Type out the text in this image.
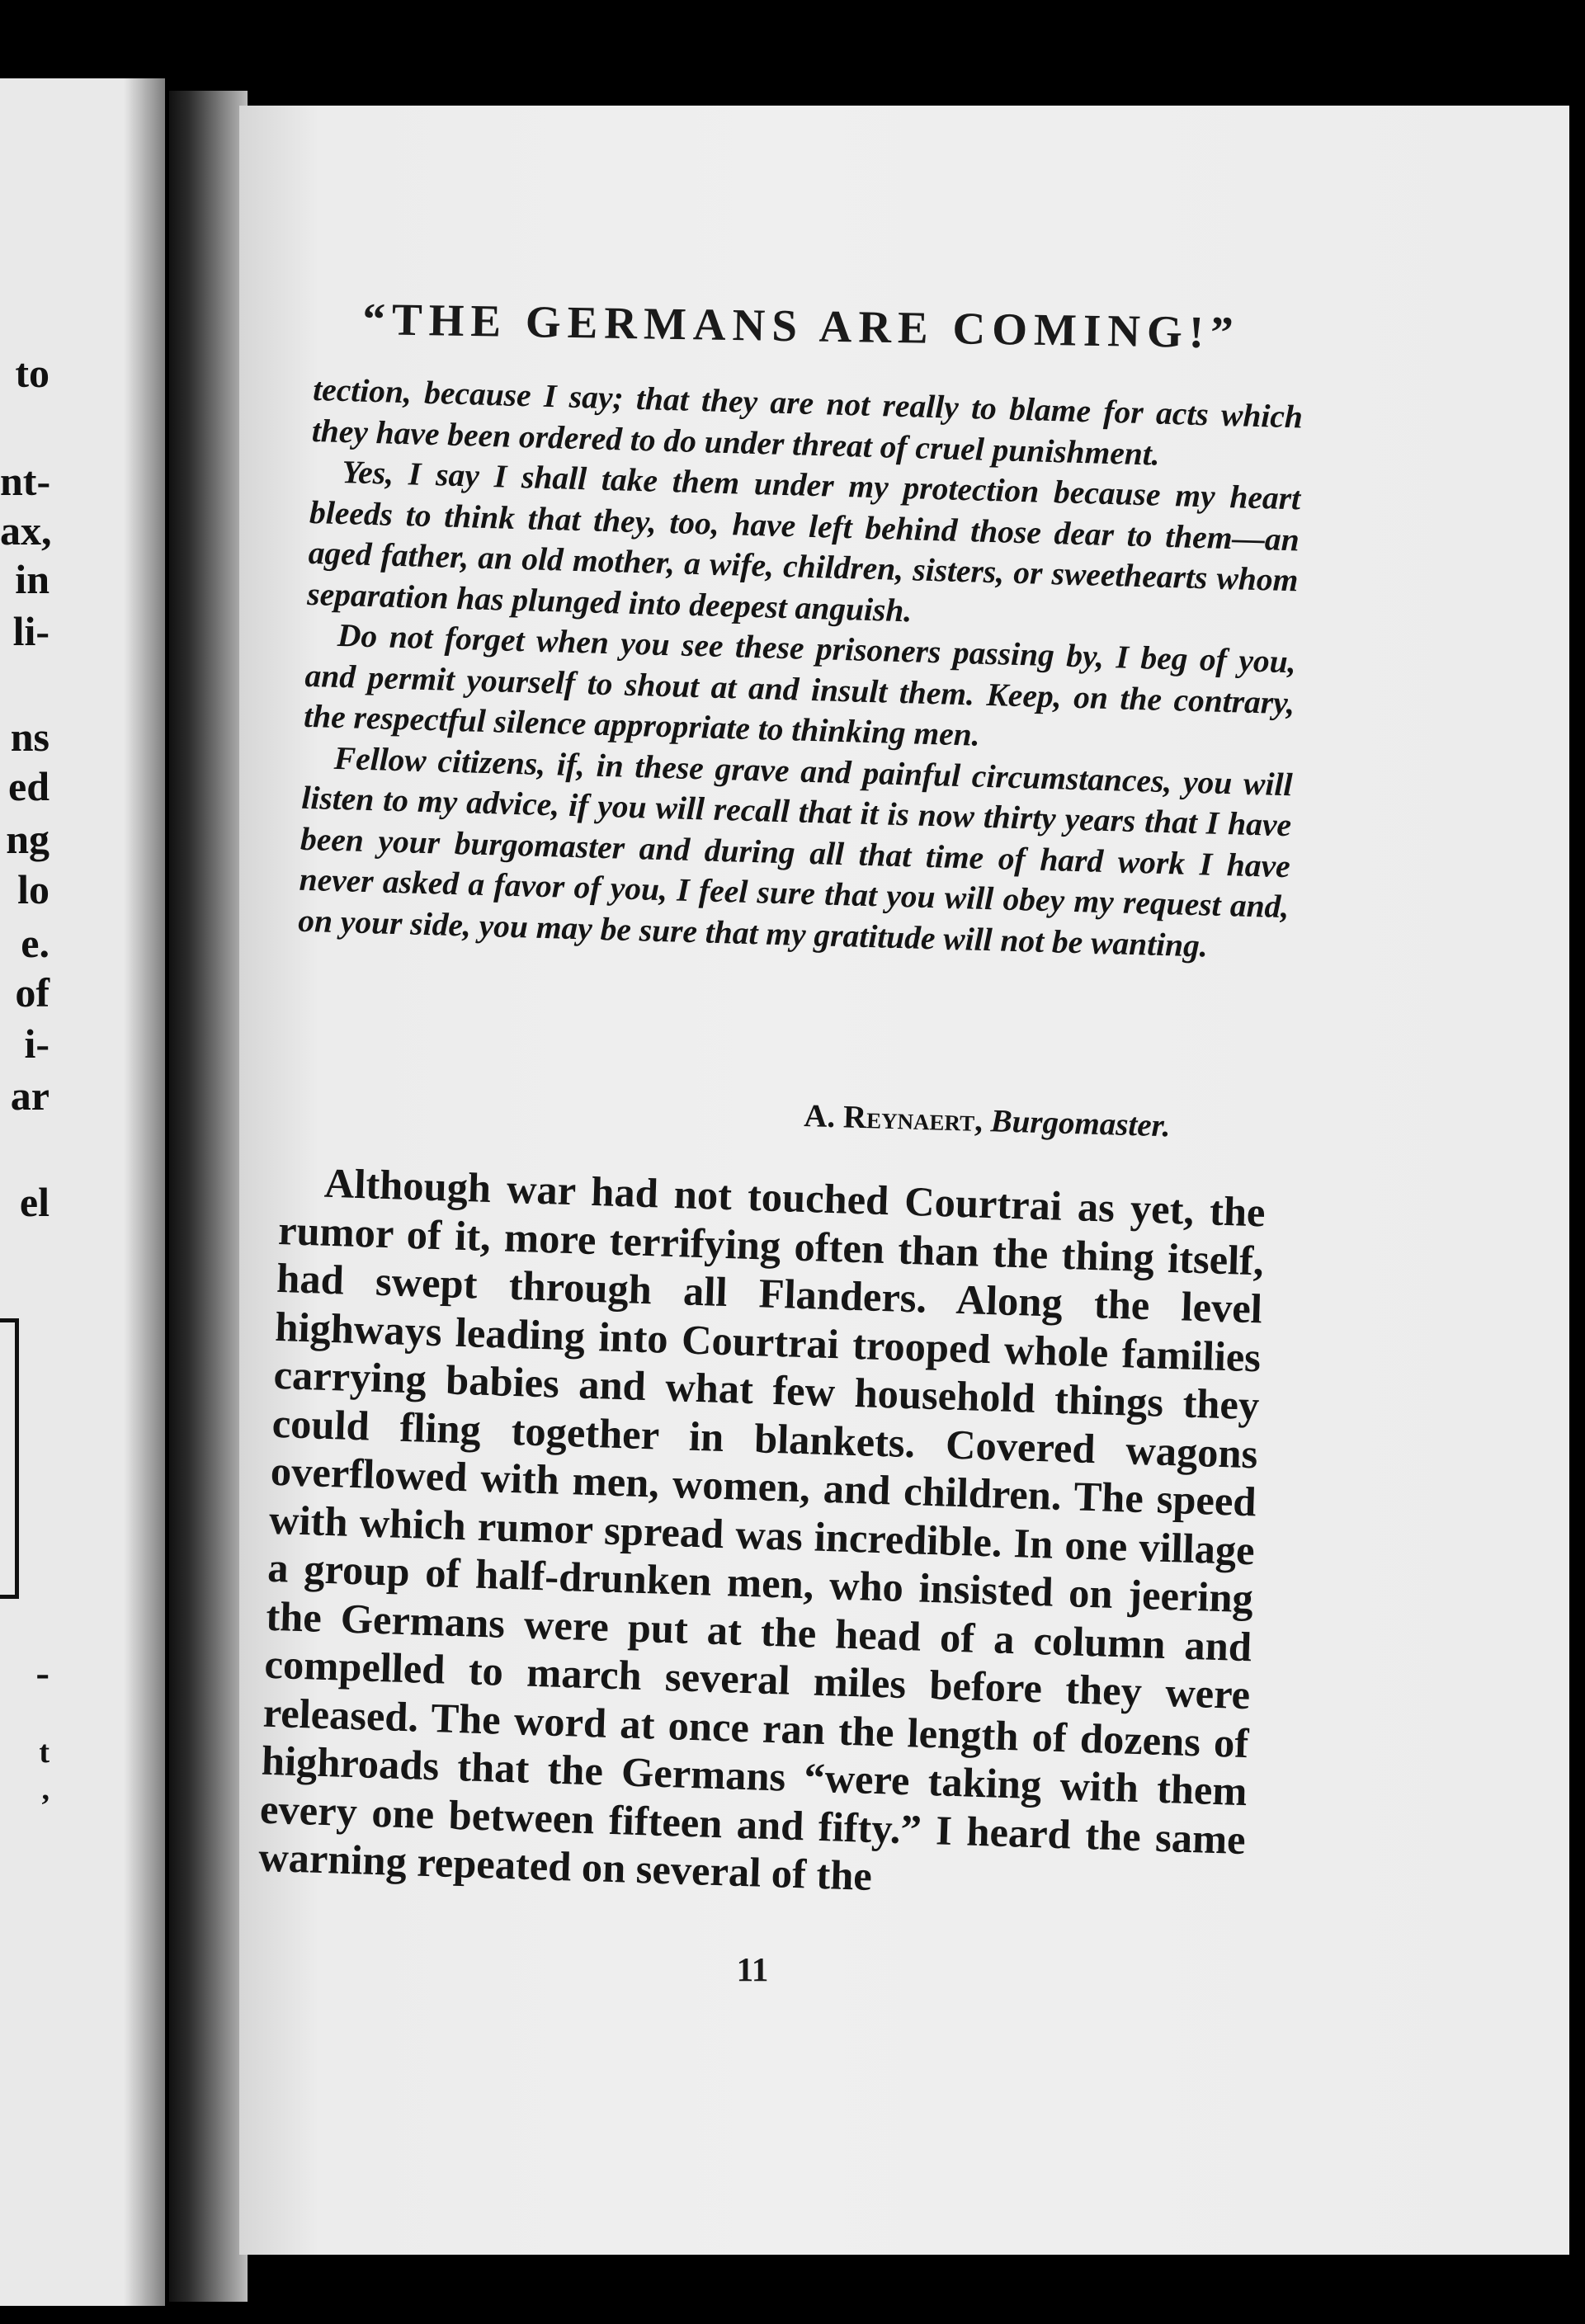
to
nt-
ax,
in
li-
ns
ed
ng
lo
e.
of
i-
ar
el
-
t
,
“THE GERMANS ARE COMING!”

tection, because I say; that they are not really to blame for acts which they have been ordered to do under threat of cruel punishment.

Yes, I say I shall take them under my protection because my heart bleeds to think that they, too, have left behind those dear to them—an aged father, an old mother, a wife, children, sisters, or sweethearts whom separation has plunged into deepest anguish.

Do not forget when you see these prisoners passing by, I beg of you, and permit yourself to shout at and insult them. Keep, on the contrary, the respectful silence appropriate to thinking men.

Fellow citizens, if, in these grave and painful circumstances, you will listen to my advice, if you will recall that it is now thirty years that I have been your burgomaster and during all that time of hard work I have never asked a favor of you, I feel sure that you will obey my request and, on your side, you may be sure that my gratitude will not be wanting.

A. Reynaert, Burgomaster.

Although war had not touched Courtrai as yet, the rumor of it, more terrifying often than the thing itself, had swept through all Flanders. Along the level highways leading into Courtrai trooped whole families carrying babies and what few household things they could fling together in blankets. Covered wagons overflowed with men, women, and children. The speed with which rumor spread was incredible. In one village a group of half-drunken men, who insisted on jeering the Germans were put at the head of a column and compelled to march several miles before they were released. The word at once ran the length of dozens of highroads that the Germans “were taking with them every one between fifteen and fifty.” I heard the same warning repeated on several of the

11
